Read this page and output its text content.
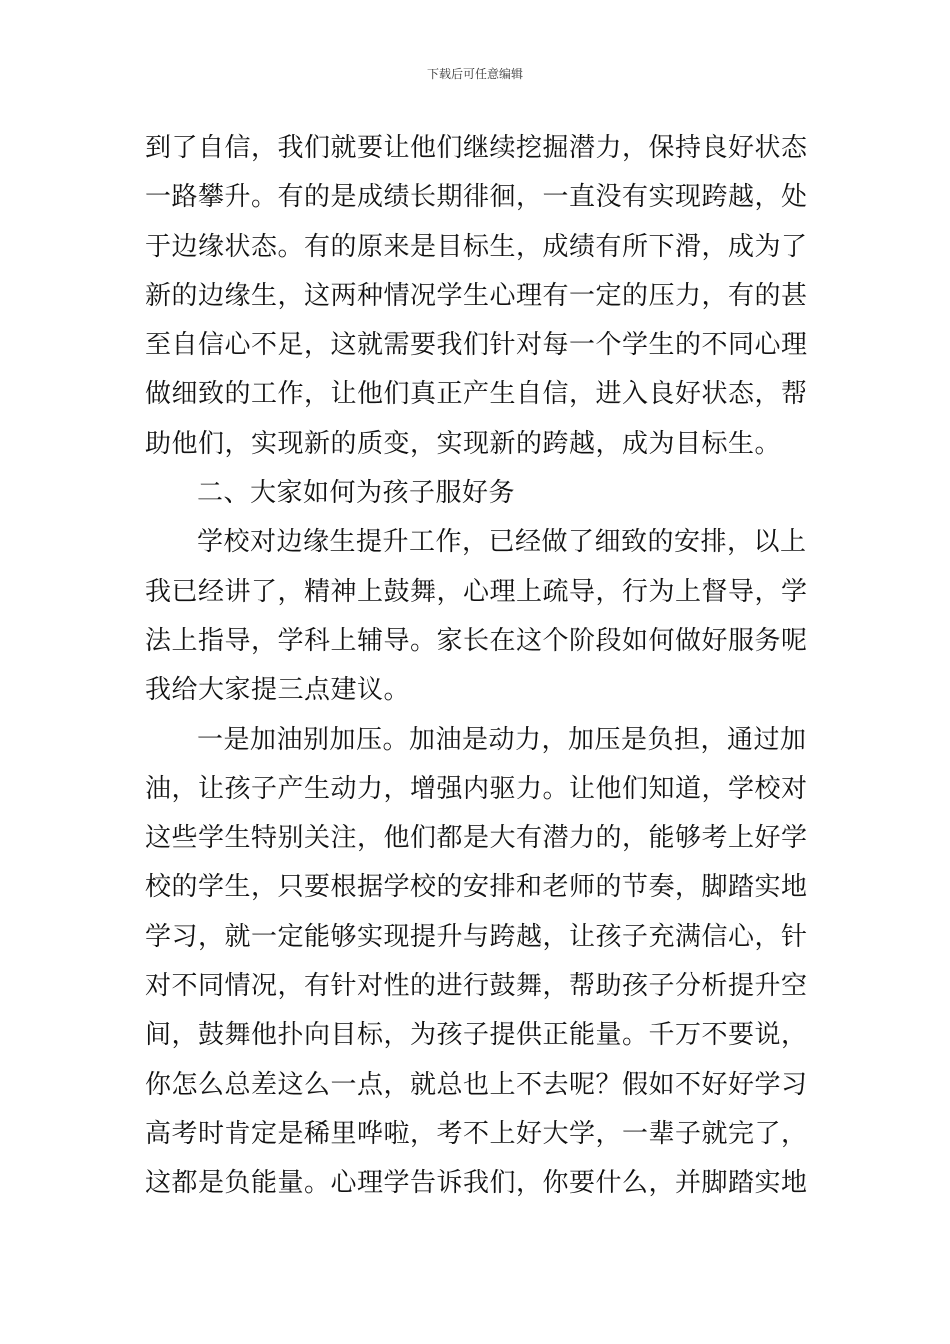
下载后可任意编辑
到了自信，我们就要让他们继续挖掘潜力，保持良好状态
一路攀升。有的是成绩长期徘徊，一直没有实现跨越，处
于边缘状态。有的原来是目标生，成绩有所下滑，成为了
新的边缘生，这两种情况学生心理有一定的压力，有的甚
至自信心不足，这就需要我们针对每一个学生的不同心理
做细致的工作，让他们真正产生自信，进入良好状态，帮
助他们，实现新的质变，实现新的跨越，成为目标生。
二、大家如何为孩子服好务
学校对边缘生提升工作，已经做了细致的安排，以上
我已经讲了，精神上鼓舞，心理上疏导，行为上督导，学
法上指导，学科上辅导。家长在这个阶段如何做好服务呢
我给大家提三点建议。
一是加油别加压。加油是动力，加压是负担，通过加
油，让孩子产生动力，增强内驱力。让他们知道，学校对
这些学生特别关注，他们都是大有潜力的，能够考上好学
校的学生，只要根据学校的安排和老师的节奏，脚踏实地
学习，就一定能够实现提升与跨越，让孩子充满信心，针
对不同情况，有针对性的进行鼓舞，帮助孩子分析提升空
间，鼓舞他扑向目标，为孩子提供正能量。千万不要说，
你怎么总差这么一点，就总也上不去呢？假如不好好学习
高考时肯定是稀里哗啦，考不上好大学，一辈子就完了，
这都是负能量。心理学告诉我们，你要什么，并脚踏实地
